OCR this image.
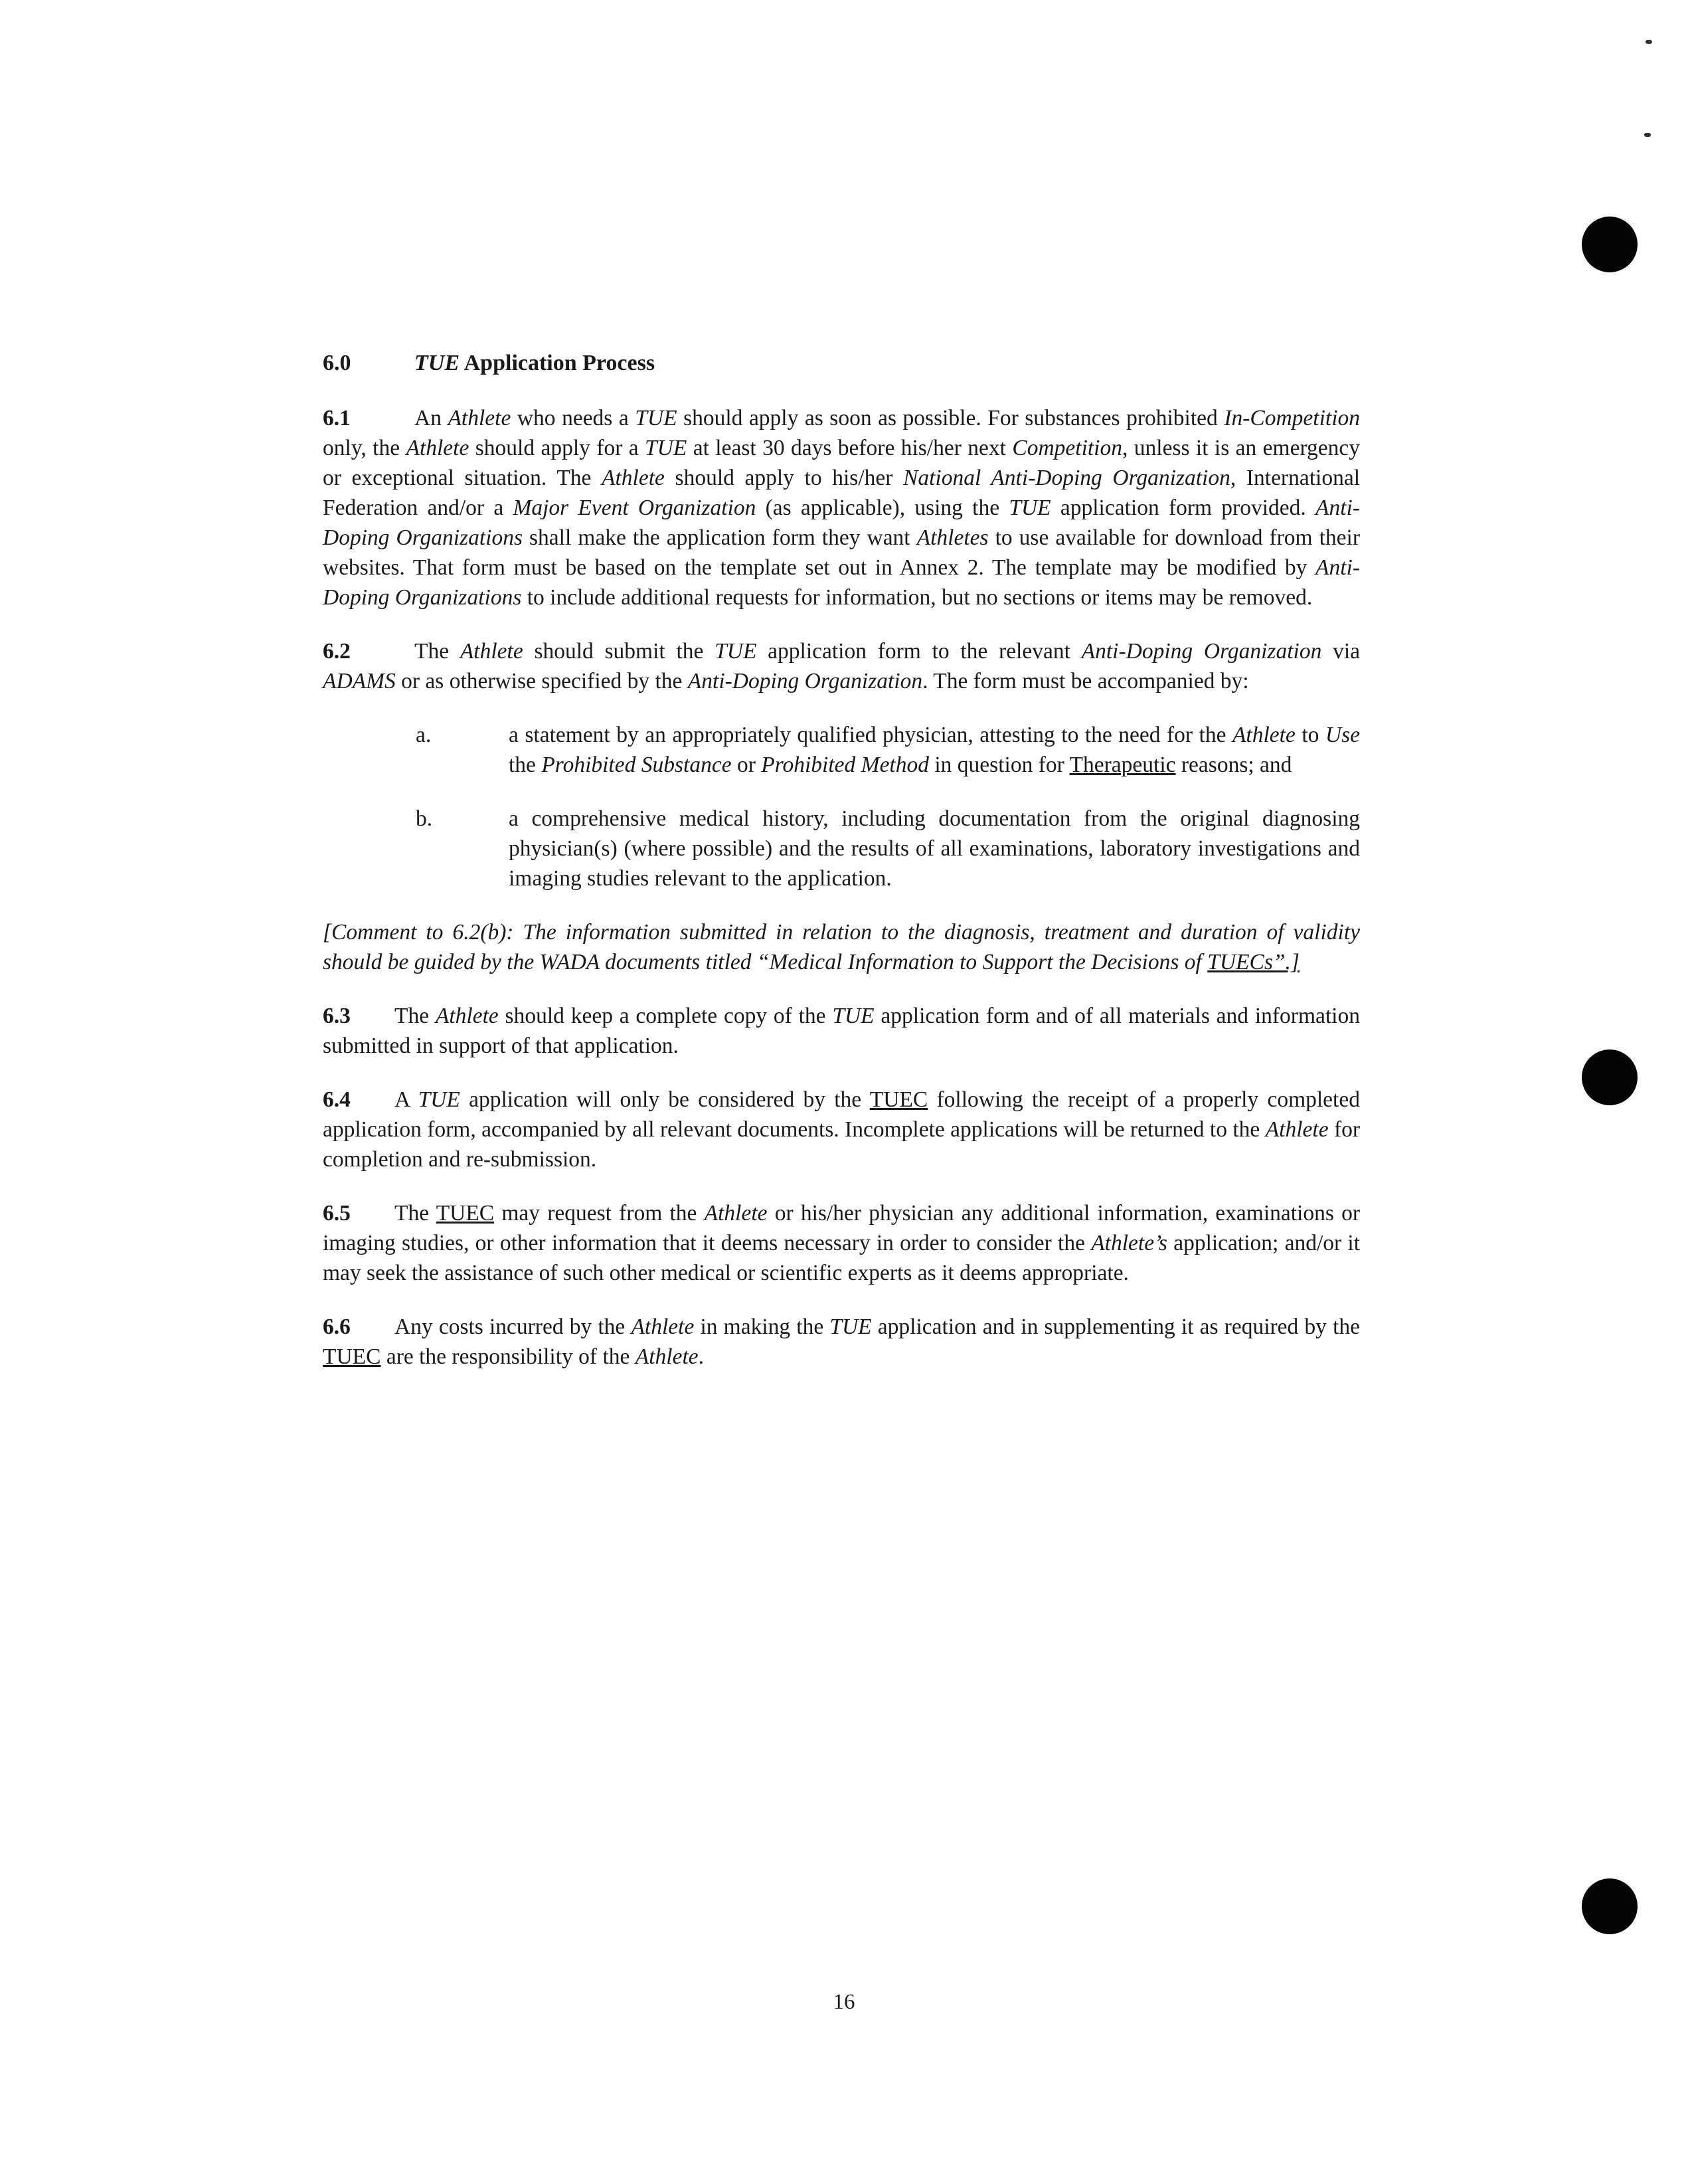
6.0	TUE Application Process

6.1	An Athlete who needs a TUE should apply as soon as possible. For substances prohibited In-Competition only, the Athlete should apply for a TUE at least 30 days before his/her next Competition, unless it is an emergency or exceptional situation. The Athlete should apply to his/her National Anti-Doping Organization, International Federation and/or a Major Event Organization (as applicable), using the TUE application form provided. Anti-Doping Organizations shall make the application form they want Athletes to use available for download from their websites. That form must be based on the template set out in Annex 2. The template may be modified by Anti-Doping Organizations to include additional requests for information, but no sections or items may be removed.

6.2	The Athlete should submit the TUE application form to the relevant Anti-Doping Organization via ADAMS or as otherwise specified by the Anti-Doping Organization. The form must be accompanied by:

a.	a statement by an appropriately qualified physician, attesting to the need for the Athlete to Use the Prohibited Substance or Prohibited Method in question for Therapeutic reasons; and
b.	a comprehensive medical history, including documentation from the original diagnosing physician(s) (where possible) and the results of all examinations, laboratory investigations and imaging studies relevant to the application.

[Comment to 6.2(b): The information submitted in relation to the diagnosis, treatment and duration of validity should be guided by the WADA documents titled “Medical Information to Support the Decisions of TUECs”.]

6.3 The Athlete should keep a complete copy of the TUE application form and of all materials and information submitted in support of that application.

6.4 A TUE application will only be considered by the TUEC following the receipt of a properly completed application form, accompanied by all relevant documents. Incomplete applications will be returned to the Athlete for completion and re-submission.

6.5 The TUEC may request from the Athlete or his/her physician any additional information, examinations or imaging studies, or other information that it deems necessary in order to consider the Athlete’s application; and/or it may seek the assistance of such other medical or scientific experts as it deems appropriate.

6.6 Any costs incurred by the Athlete in making the TUE application and in supplementing it as required by the TUEC are the responsibility of the Athlete.

16
